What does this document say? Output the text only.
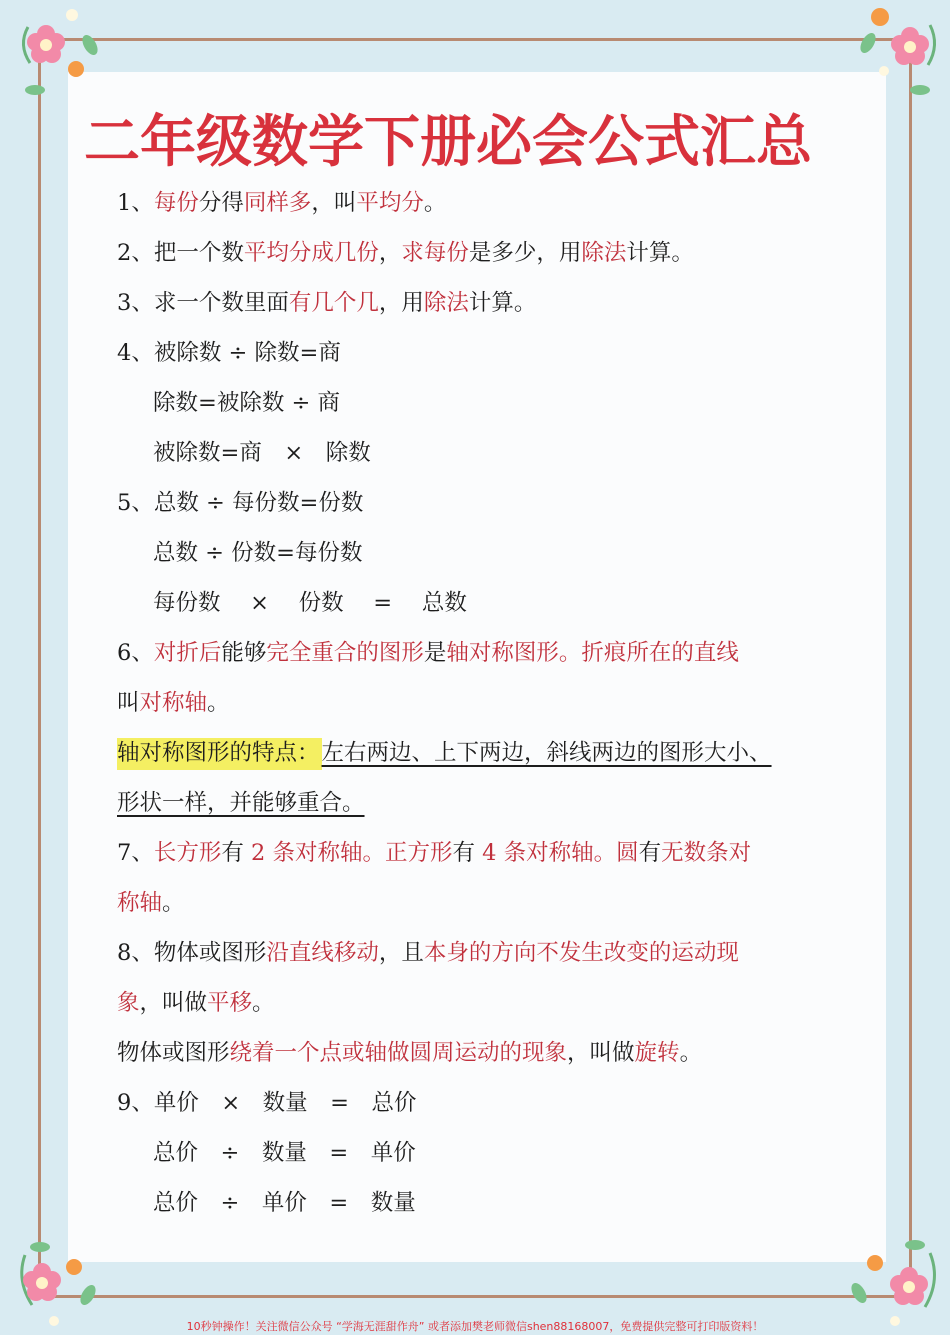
二年级数学下册必会公式汇总
1、每份分得同样多，叫平均分。
2、把一个数平均分成几份，求每份是多少，用除法计算。
3、求一个数里面有几个几，用除法计算。
4、被除数 ÷ 除数=商
除数=被除数 ÷ 商
被除数=商　×　除数
5、总数 ÷ 每份数=份数
总数 ÷ 份数=每份数
每份数　 ×　 份数　 =　 总数
6、对折后能够完全重合的图形是轴对称图形。折痕所在的直线
叫对称轴。
轴对称图形的特点：左右两边、上下两边，斜线两边的图形大小、
形状一样，并能够重合。
7、长方形有 2 条对称轴。正方形有 4 条对称轴。圆有无数条对
称轴。
8、物体或图形沿直线移动，且本身的方向不发生改变的运动现
象，叫做平移。
物体或图形绕着一个点或轴做圆周运动的现象，叫做旋转。
9、单价　×　数量　=　总价
总价　÷　数量　=　单价
总价　÷　单价　=　数量
10秒钟操作！关注微信公众号 “学海无涯甜作舟” 或者添加樊老师微信shen88168007，免费提供完整可打印版资料！
